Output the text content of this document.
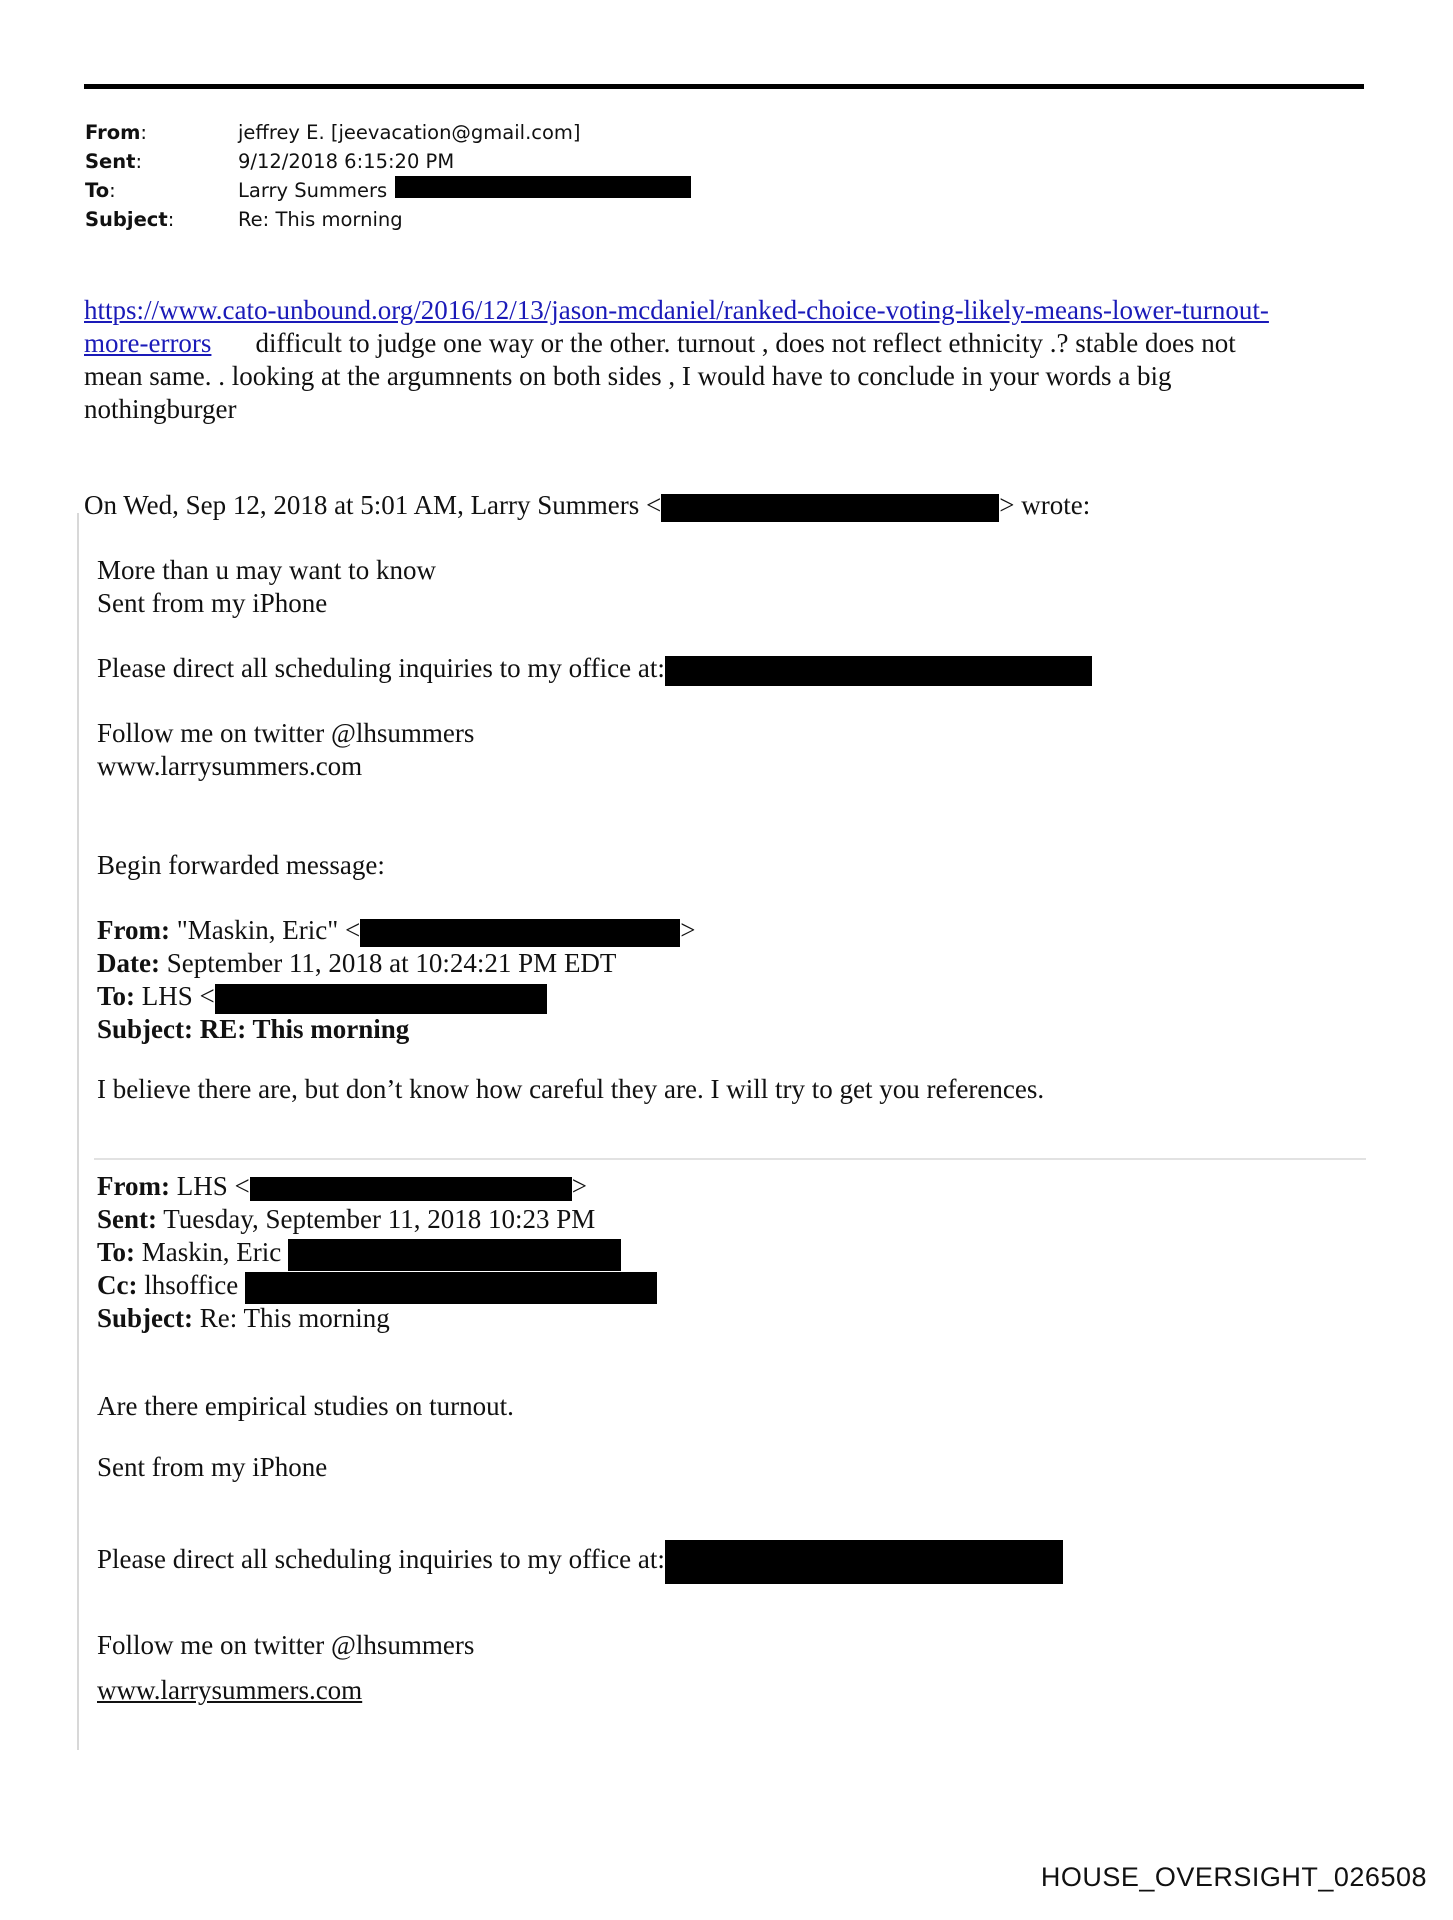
From:	jeffrey E. [jeevacation@gmail.com]
Sent:	9/12/2018 6:15:20 PM
To:	Larry Summers
Subject:	Re: This morning
https://www.cato-unbound.org/2016/12/13/jason-mcdaniel/ranked-choice-voting-likely-means-lower-turnout-
more-errors difficult to judge one way or the other. turnout , does not reflect ethnicity .? stable does not
mean same. . looking at the argumnents on both sides , I would have to conclude in your words a big
nothingburger
On Wed, Sep 12, 2018 at 5:01 AM, Larry Summers <	> wrote:
More than u may want to know
Sent from my iPhone
Please direct all scheduling inquiries to my office at:
Follow me on twitter @lhsummers
www.larrysummers.com
Begin forwarded message:
From: "Maskin, Eric" <	>
Date: September 11, 2018 at 10:24:21 PM EDT
To: LHS <
Subject: RE: This morning
I believe there are, but don’t know how careful they are. I will try to get you references.
From: LHS <	>
Sent: Tuesday, September 11, 2018 10:23 PM
To: Maskin, Eric
Cc: lhsoffice
Subject: Re: This morning
Are there empirical studies on turnout.
Sent from my iPhone
Please direct all scheduling inquiries to my office at:
Follow me on twitter @lhsummers
www.larrysummers.com
HOUSE_OVERSIGHT_026508
